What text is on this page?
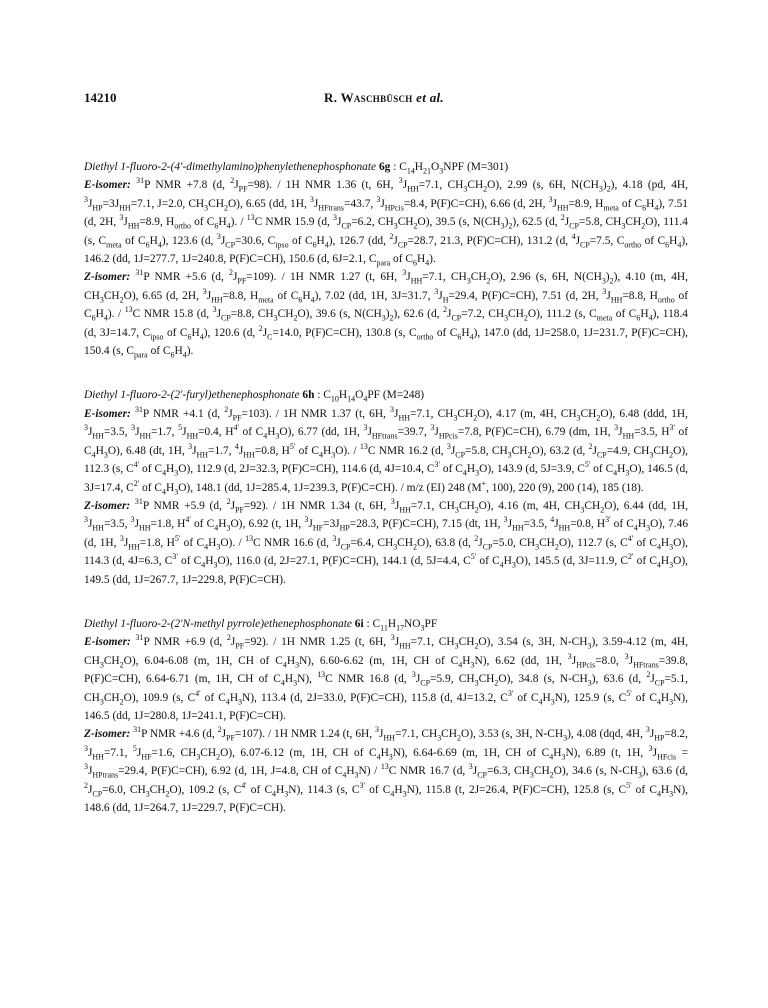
14210	R. Waschbüsch et al.

Diethyl 1-fluoro-2-(4'-dimethylamino)phenylethenephosphonate 6g : $C_{14}H_{21}O_3NPF$ (M=301)

E-isomer: $^{31}$P NMR +7.8 (d, $^2J_{PF}=98$). / 1H NMR 1.36 (t, 6H, $^3J_{HH}=7.1$, $CH_3CH_2O$), 2.99 (s, 6H, $N(CH_3)_2$), 4.18 (pd, 4H, $^3J_{HP}=3J_{HH}=7.1$, J=2.0, $CH_3CH_2O$), 6.65 (dd, 1H, $^3J_{HFtrans}=43.7$, $^3J_{HPcis}=8.4$, P(F)C=CH), 6.66 (d, 2H, $^3J_{HH}=8.9$, $H_{meta}$ of $C_6H_4$), 7.51 (d, 2H, $^3J_{HH}=8.9$, $H_{ortho}$ of $C_6H_4$). / $^{13}$C NMR 15.9 (d, $^3J_{CP}=6.2$, $CH_3CH_2O$), 39.5 (s, $N(CH_3)_2$), 62.5 (d, $^2J_{CP}=5.8$, $CH_3CH_2O$), 111.4 (s, $C_{meta}$ of $C_6H_4$), 123.6 (d, $^3J_{CP}=30.6$, $C_{ipso}$ of $C_6H_4$), 126.7 (dd, $^2J_{CP}=28.7$, 21.3, P(F)C=CH), 131.2 (d, $^4J_{CP}=7.5$, $C_{ortho}$ of $C_6H_4$), 146.2 (dd, 1J=277.7, 1J=240.8, P(F)C=CH), 150.6 (d, 6J=2.1, $C_{para}$ of $C_6H_4$).

Z-isomer: $^{31}$P NMR +5.6 (d, $^2J_{PF}=109$). / 1H NMR 1.27 (t, 6H, $^3J_{HH}=7.1$, $CH_3CH_2O$), 2.96 (s, 6H, $N(CH_3)_2$), 4.10 (m, 4H, $CH_3CH_2O$), 6.65 (d, 2H, $^3J_{HH}=8.8$, $H_{meta}$ of $C_6H_4$), 7.02 (dd, 1H, 3J=31.7, $^3J_H=29.4$, P(F)C=CH), 7.51 (d, 2H, $^3J_{HH}=8.8$, $H_{ortho}$ of $C_6H_4$). / $^{13}$C NMR 15.8 (d, $^3J_{CP}=8.8$, $CH_3CH_2O$), 39.6 (s, $N(CH_3)_2$), 62.6 (d, $^2J_{CP}=7.2$, $CH_3CH_2O$), 111.2 (s, $C_{meta}$ of $C_6H_4$), 118.4 (d, 3J=14.7, $C_{ipso}$ of $C_6H_4$), 120.6 (d, $^2J_C=14.0$, P(F)C=CH), 130.8 (s, $C_{ortho}$ of $C_6H_4$), 147.0 (dd, 1J=258.0, 1J=231.7, P(F)C=CH), 150.4 (s, $C_{para}$ of $C_6H_4$).

Diethyl 1-fluoro-2-(2'-furyl)ethenephosphonate 6h : $C_{10}H_{14}O_4PF$ (M=248)

E-isomer: $^{31}$P NMR +4.1 (d, $^2J_{PF}=103$). / 1H NMR 1.37 (t, 6H, $^3J_{HH}=7.1$, $CH_3CH_2O$), 4.17 (m, 4H, $CH_3CH_2O$), 6.48 (ddd, 1H, $^3J_{HH}=3.5$, $^3J_{HH}=1.7$, $^5J_{HH}=0.4$, $H^{4'}$ of $C_4H_3O$), 6.77 (dd, 1H, $^3J_{HFtrans}=39.7$, $^3J_{HPcis}=7.8$, P(F)C=CH), 6.79 (dm, 1H, $^3J_{HH}=3.5$, $H^{3'}$ of $C_4H_3O$), 6.48 (dt, 1H, $^3J_{HH}=1.7$, $^4J_{HH}=0.8$, $H^{5'}$ of $C_4H_3O$). / $^{13}$C NMR 16.2 (d, $^3J_{CP}=5.8$, $CH_3CH_2O$), 63.2 (d, $^2J_{CP}=4.9$, $CH_3CH_2O$), 112.3 (s, $C^{4'}$ of $C_4H_3O$), 112.9 (d, 2J=32.3, P(F)C=CH), 114.6 (d, 4J=10.4, $C^{3'}$ of $C_4H_3O$), 143.9 (d, 5J=3.9, $C^{5'}$ of $C_4H_3O$), 146.5 (d, 3J=17.4, $C^{2'}$ of $C_4H_3O$), 148.1 (dd, 1J=285.4, 1J=239.3, P(F)C=CH). / m/z (EI) 248 (M+, 100), 220 (9), 200 (14), 185 (18).

Z-isomer: $^{31}$P NMR +5.9 (d, $^2J_{PF}=92$). / 1H NMR 1.34 (t, 6H, $^3J_{HH}=7.1$, $CH_3CH_2O$), 4.16 (m, 4H, $CH_3CH_2O$), 6.44 (dd, 1H, $^3J_{HH}=3.5$, $^3J_{HH}=1.8$, $H^{4'}$ of $C_4H_3O$), 6.92 (t, 1H, $^3J_{HF}=3J_{HP}=28.3$, P(F)C=CH), 7.15 (dt, 1H, $^3J_{HH}=3.5$, $^4J_{HH}=0.8$, $H^{3'}$ of $C_4H_3O$), 7.46 (d, 1H, $^3J_{HH}=1.8$, $H^{5'}$ of $C_4H_3O$). / $^{13}$C NMR 16.6 (d, $^3J_{CP}=6.4$, $CH_3CH_2O$), 63.8 (d, $^2J_{CP}=5.0$, $CH_3CH_2O$), 112.7 (s, $C^{4'}$ of $C_4H_3O$), 114.3 (d, 4J=6.3, $C^{3'}$ of $C_4H_3O$), 116.0 (d, 2J=27.1, P(F)C=CH), 144.1 (d, 5J=4.4, $C^{5'}$ of $C_4H_3O$), 145.5 (d, 3J=11.9, $C^{2'}$ of $C_4H_3O$), 149.5 (dd, 1J=267.7, 1J=229.8, P(F)C=CH).

Diethyl 1-fluoro-2-(2'N-methyl pyrrole)ethenephosphonate 6i : $C_{11}H_{17}NO_3PF$

E-isomer: $^{31}$P NMR +6.9 (d, $^2J_{PF}=92$). / 1H NMR 1.25 (t, 6H, $^3J_{HH}=7.1$, $CH_3CH_2O$), 3.54 (s, 3H, $N-CH_3$), 3.59-4.12 (m, 4H, $CH_3CH_2O$), 6.04-6.08 (m, 1H, CH of $C_4H_3N$), 6.60-6.62 (m, 1H, CH of $C_4H_3N$), 6.62 (dd, 1H, $^3J_{HPcis}=8.0$, $^3J_{HFtrans}=39.8$, P(F)C=CH), 6.64-6.71 (m, 1H, CH of $C_4H_3N$), $^{13}$C NMR 16.8 (d, $^3J_{CP}=5.9$, $CH_3CH_2O$), 34.8 (s, $N-CH_3$), 63.6 (d, $^2J_{CP}=5.1$, $CH_3CH_2O$), 109.9 (s, $C^{4'}$ of $C_4H_3N$), 113.4 (d, 2J=33.0, P(F)C=CH), 115.8 (d, 4J=13.2, $C^{3'}$ of $C_4H_3N$), 125.9 (s, $C^{5'}$ of $C_4H_3N$), 146.5 (dd, 1J=280.8, 1J=241.1, P(F)C=CH).

Z-isomer: $^{31}$P NMR +4.6 (d, $^2J_{PF}=107$). / 1H NMR 1.24 (t, 6H, $^3J_{HH}=7.1$, $CH_3CH_2O$), 3.53 (s, 3H, $N-CH_3$), 4.08 (dqd, 4H, $^3J_{HP}=8.2$, $^3J_{HH}=7.1$, $^5J_{HF}=1.6$, $CH_3CH_2O$), 6.07-6.12 (m, 1H, CH of $C_4H_3N$), 6.64-6.69 (m, 1H, CH of $C_4H_3N$), 6.89 (t, 1H, $^3J_{HFcis} = ^3J_{HPtrans}=29.4$, P(F)C=CH), 6.92 (d, 1H, J=4.8, CH of $C_4H_3N) / ^{13}C$ NMR 16.7 (d, $^3J_{CP}=6.3$, $CH_3CH_2O$), 34.6 (s, $N-CH_3$), 63.6 (d, $^2J_{CP}=6.0$, $CH_3CH_2O$), 109.2 (s, $C^{4'}$ of $C_4H_3N$), 114.3 (s, $C^{3'}$ of $C_4H_3N$), 115.8 (t, 2J=26.4, P(F)C=CH), 125.8 (s, $C^{5'}$ of $C_4H_3N$), 148.6 (dd, 1J=264.7, 1J=229.7, P(F)C=CH).
